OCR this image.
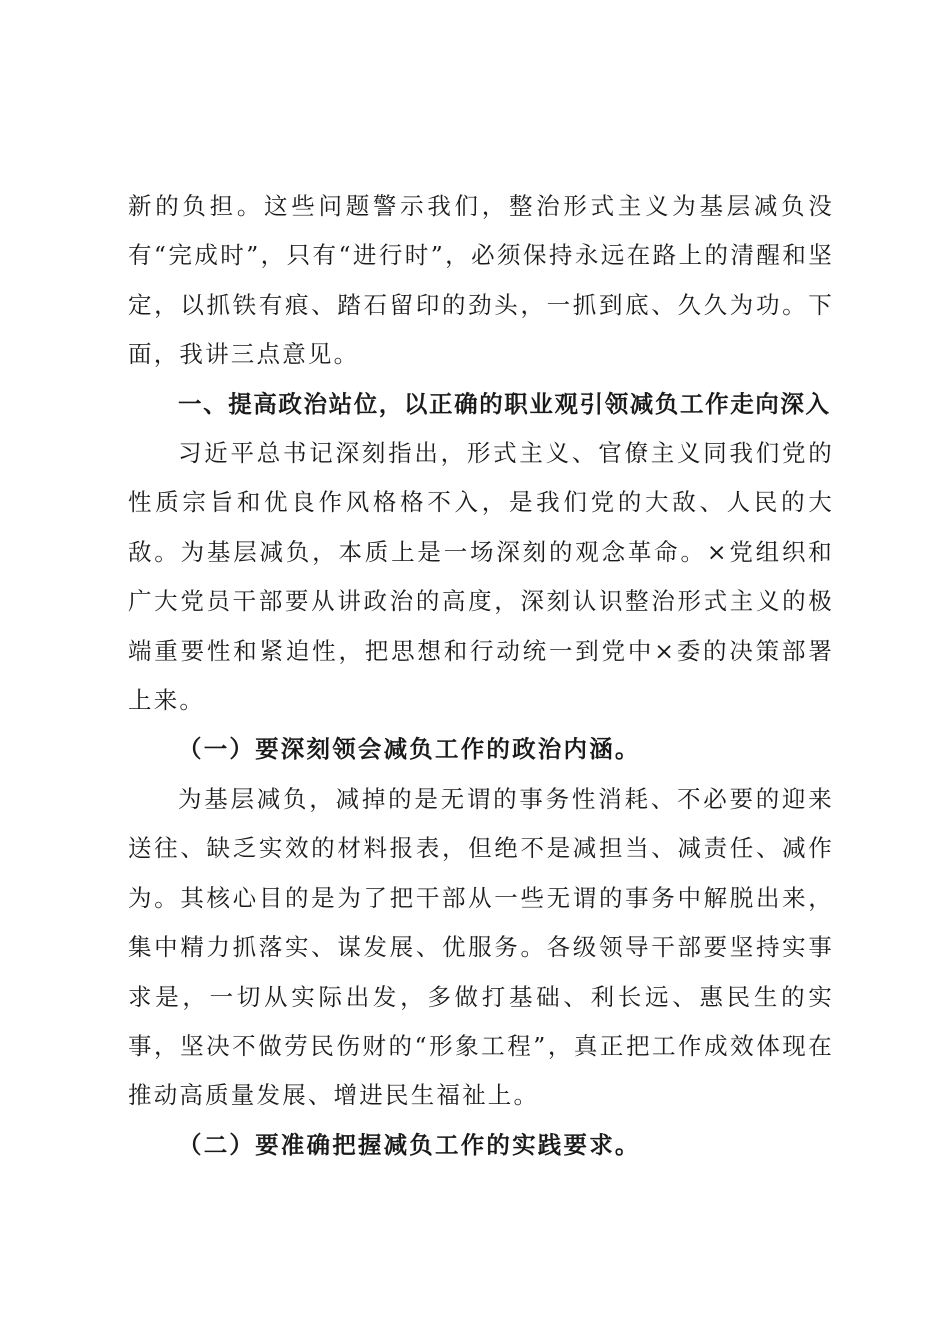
新的负担。这些问题警示我们，整治形式主义为基层减负没有“完成时”，只有“进行时”，必须保持永远在路上的清醒和坚定，以抓铁有痕、踏石留印的劲头，一抓到底、久久为功。下面，我讲三点意见。

一、提高政治站位，以正确的职业观引领减负工作走向深入

习近平总书记深刻指出，形式主义、官僚主义同我们党的性质宗旨和优良作风格格不入，是我们党的大敌、人民的大敌。为基层减负，本质上是一场深刻的观念革命。×党组织和广大党员干部要从讲政治的高度，深刻认识整治形式主义的极端重要性和紧迫性，把思想和行动统一到党中×委的决策部署上来。

（一）要深刻领会减负工作的政治内涵。

为基层减负，减掉的是无谓的事务性消耗、不必要的迎来送往、缺乏实效的材料报表，但绝不是减担当、减责任、减作为。其核心目的是为了把干部从一些无谓的事务中解脱出来，集中精力抓落实、谋发展、优服务。各级领导干部要坚持实事求是，一切从实际出发，多做打基础、利长远、惠民生的实事，坚决不做劳民伤财的“形象工程”，真正把工作成效体现在推动高质量发展、增进民生福祉上。

（二）要准确把握减负工作的实践要求。
